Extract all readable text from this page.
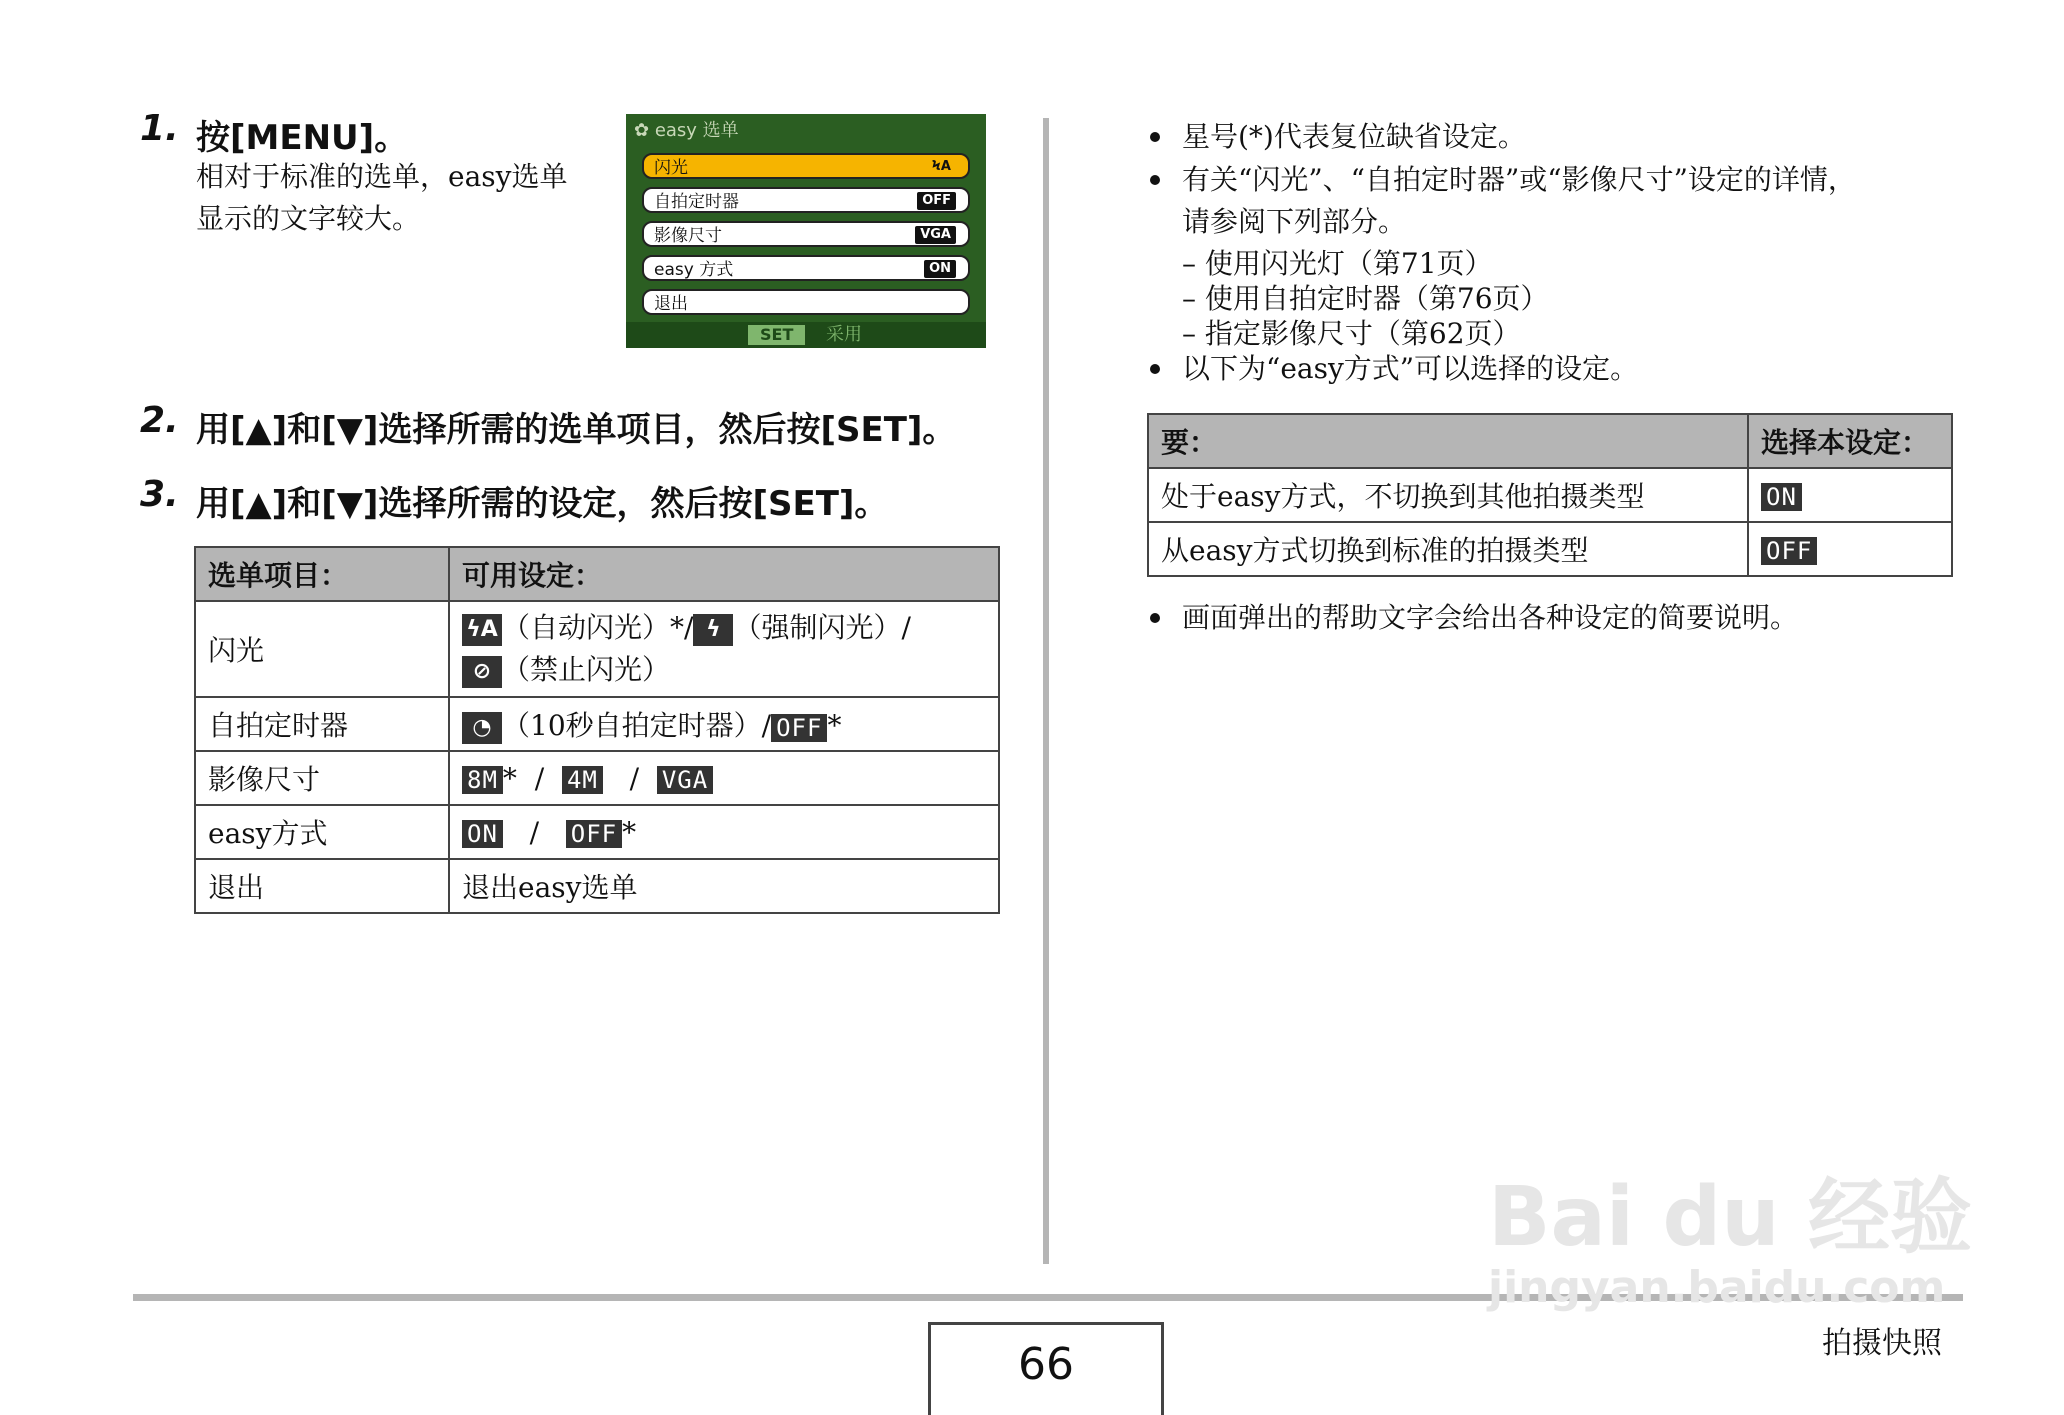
1. 按[MENU]。
相对于标准的选单，easy选单
显示的文字较大。
✿ easy 选单
闪光	ϞA
自拍定时器	OFF
影像尺寸	VGA
easy 方式	ON
退出
SET	采用
2. 用[▲]和[▼]选择所需的选单项目，然后按[SET]。
3. 用[▲]和[▼]选择所需的设定，然后按[SET]。
选单项目：	可用设定：
闪光	ϟA （自动闪光）*/ ϟ （强制闪光）/
⊘ （禁止闪光）
自拍定时器	◔ （10秒自拍定时器）/ OFF *
影像尺寸	8M * / 4M / VGA
easy方式	ON / OFF *
退出	退出easy选单
星号(*)代表复位缺省设定。
有关“闪光”、“自拍定时器”或“影像尺寸”设定的详情，
请参阅下列部分。
– 使用闪光灯（第71页）
– 使用自拍定时器（第76页）
– 指定影像尺寸（第62页）
以下为“easy方式”可以选择的设定。
要：	选择本设定：
处于easy方式，不切换到其他拍摄类型	ON
从easy方式切换到标准的拍摄类型	OFF
画面弹出的帮助文字会给出各种设定的简要说明。
66	拍摄快照
Bai du 经验
jingyan.baidu.com
